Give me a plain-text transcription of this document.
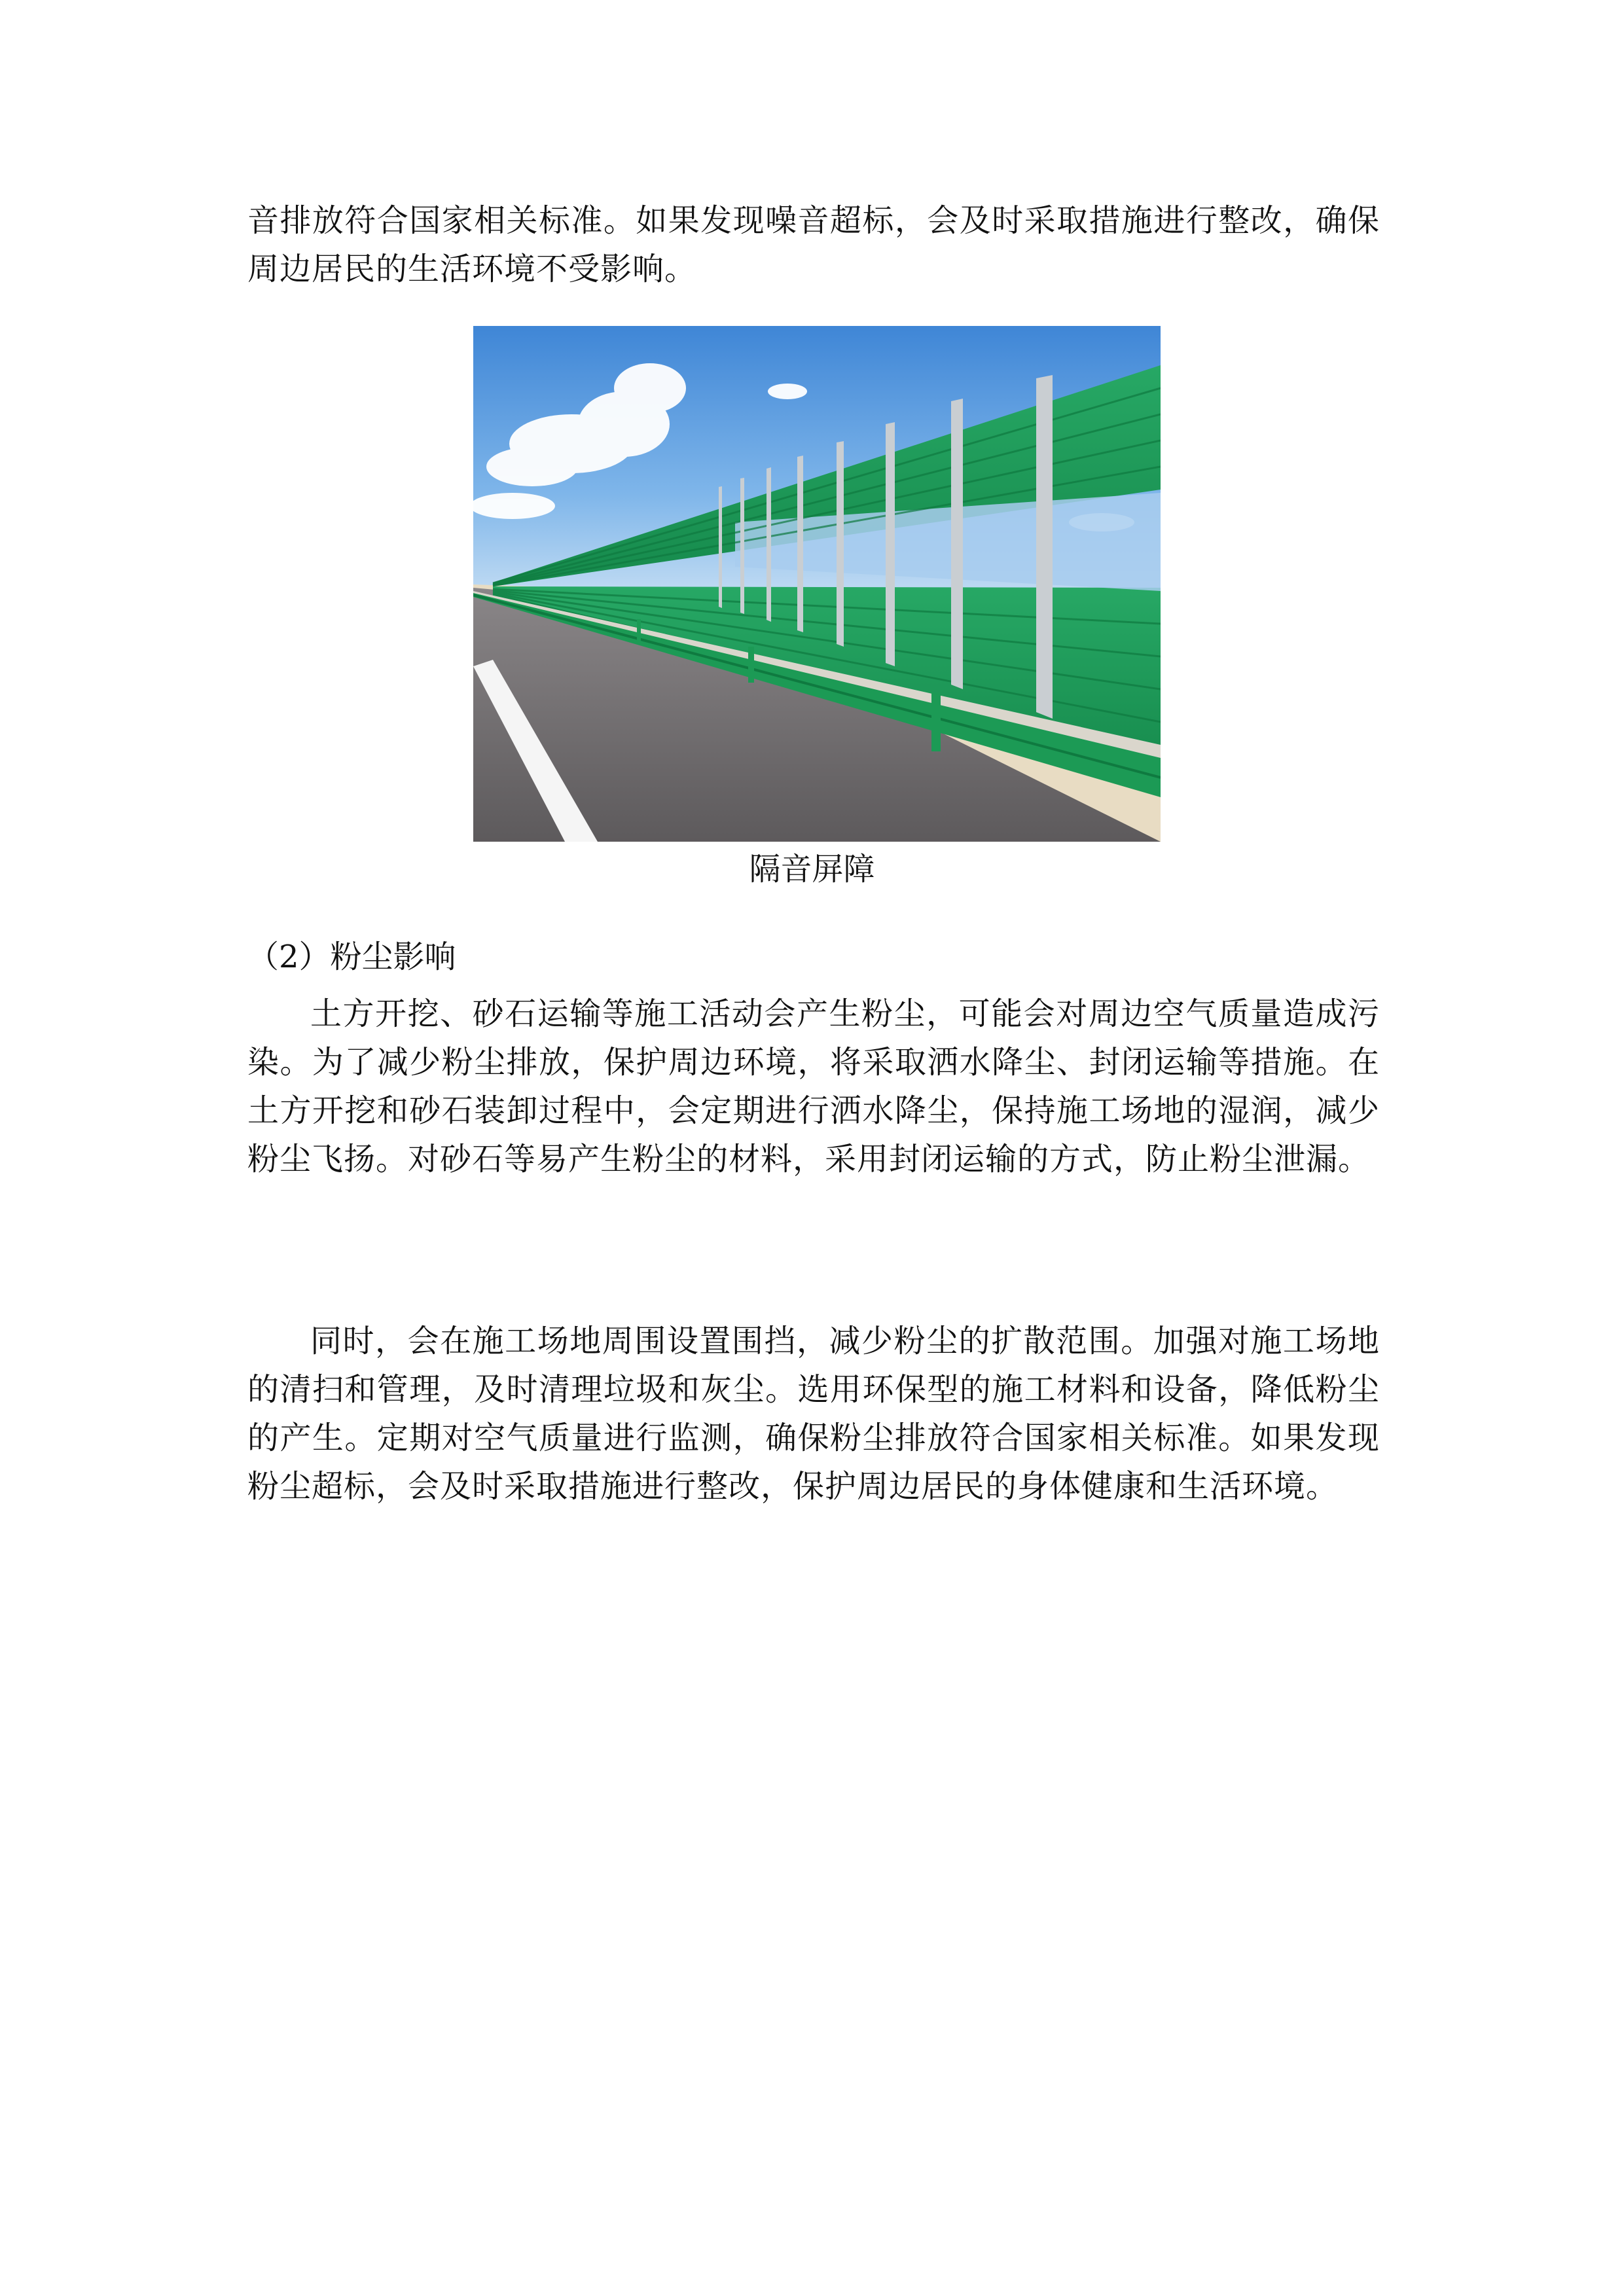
音排放符合国家相关标准。如果发现噪音超标，会及时采取措施进行整改，确保周边居民的生活环境不受影响。

隔音屏障

（2）粉尘影响

土方开挖、砂石运输等施工活动会产生粉尘，可能会对周边空气质量造成污染。为了减少粉尘排放，保护周边环境，将采取洒水降尘、封闭运输等措施。在土方开挖和砂石装卸过程中，会定期进行洒水降尘，保持施工场地的湿润，减少粉尘飞扬。对砂石等易产生粉尘的材料，采用封闭运输的方式，防止粉尘泄漏。

同时，会在施工场地周围设置围挡，减少粉尘的扩散范围。加强对施工场地的清扫和管理，及时清理垃圾和灰尘。选用环保型的施工材料和设备，降低粉尘的产生。定期对空气质量进行监测，确保粉尘排放符合国家相关标准。如果发现粉尘超标，会及时采取措施进行整改，保护周边居民的身体健康和生活环境。
